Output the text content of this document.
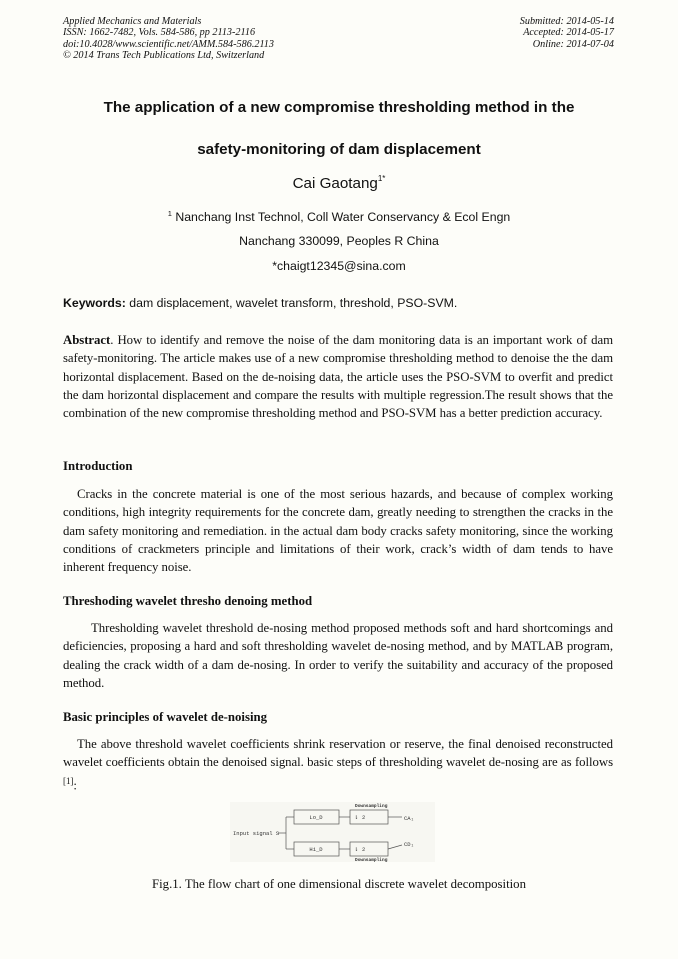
Applied Mechanics and Materials
ISSN: 1662-7482, Vols. 584-586, pp 2113-2116
doi:10.4028/www.scientific.net/AMM.584-586.2113
© 2014 Trans Tech Publications Ltd, Switzerland
Submitted: 2014-05-14
Accepted: 2014-05-17
Online: 2014-07-04
The application of a new compromise thresholding method in the
safety-monitoring of dam displacement
Cai Gaotang$^{1*}$
$^1$ Nanchang Inst Technol, Coll Water Conservancy & Ecol Engn
Nanchang 330099, Peoples R China
*chaigt12345@sina.com
Keywords: dam displacement, wavelet transform, threshold, PSO-SVM.

Abstract. How to identify and remove the noise of the dam monitoring data is an important work of dam safety-monitoring. The article makes use of a new compromise thresholding method to denoise the the dam horizontal displacement. Based on the de-noising data, the article uses the PSO-SVM to overfit and predict the dam horizontal displacement and compare the results with multiple regression.The result shows that the combination of the new compromise thresholding method and PSO-SVM has a better prediction accuracy.

Introduction

Cracks in the concrete material is one of the most serious hazards, and because of complex working conditions, high integrity requirements for the concrete dam, greatly needing to strengthen the cracks in the dam safety monitoring and remediation. in the actual dam body cracks safety monitoring, since the working conditions of crackmeters principle and limitations of their work, crack’s width of dam tends to have inherent frequency noise.

Threshoding wavelet thresho denoing method

Thresholding wavelet threshold de-nosing method proposed methods soft and hard shortcomings and deficiencies, proposing a hard and soft thresholding wavelet de-nosing method, and by MATLAB program, dealing the crack width of a dam de-nosing. In order to verify the suitability and accuracy of the proposed method.

Basic principles of wavelet de-noising

The above threshold wavelet coefficients shrink reservation or reserve, the final denoised reconstructed wavelet coefficients obtain the denoised signal. basic steps of thresholding wavelet de-nosing are as follows [1]:

Input signal S
Lo_D
Hi_D
Downsampling
⇂ 2
⇂ 2
Downsampling
CA₁
CD₁
Fig.1. The flow chart of one dimensional discrete wavelet decomposition
